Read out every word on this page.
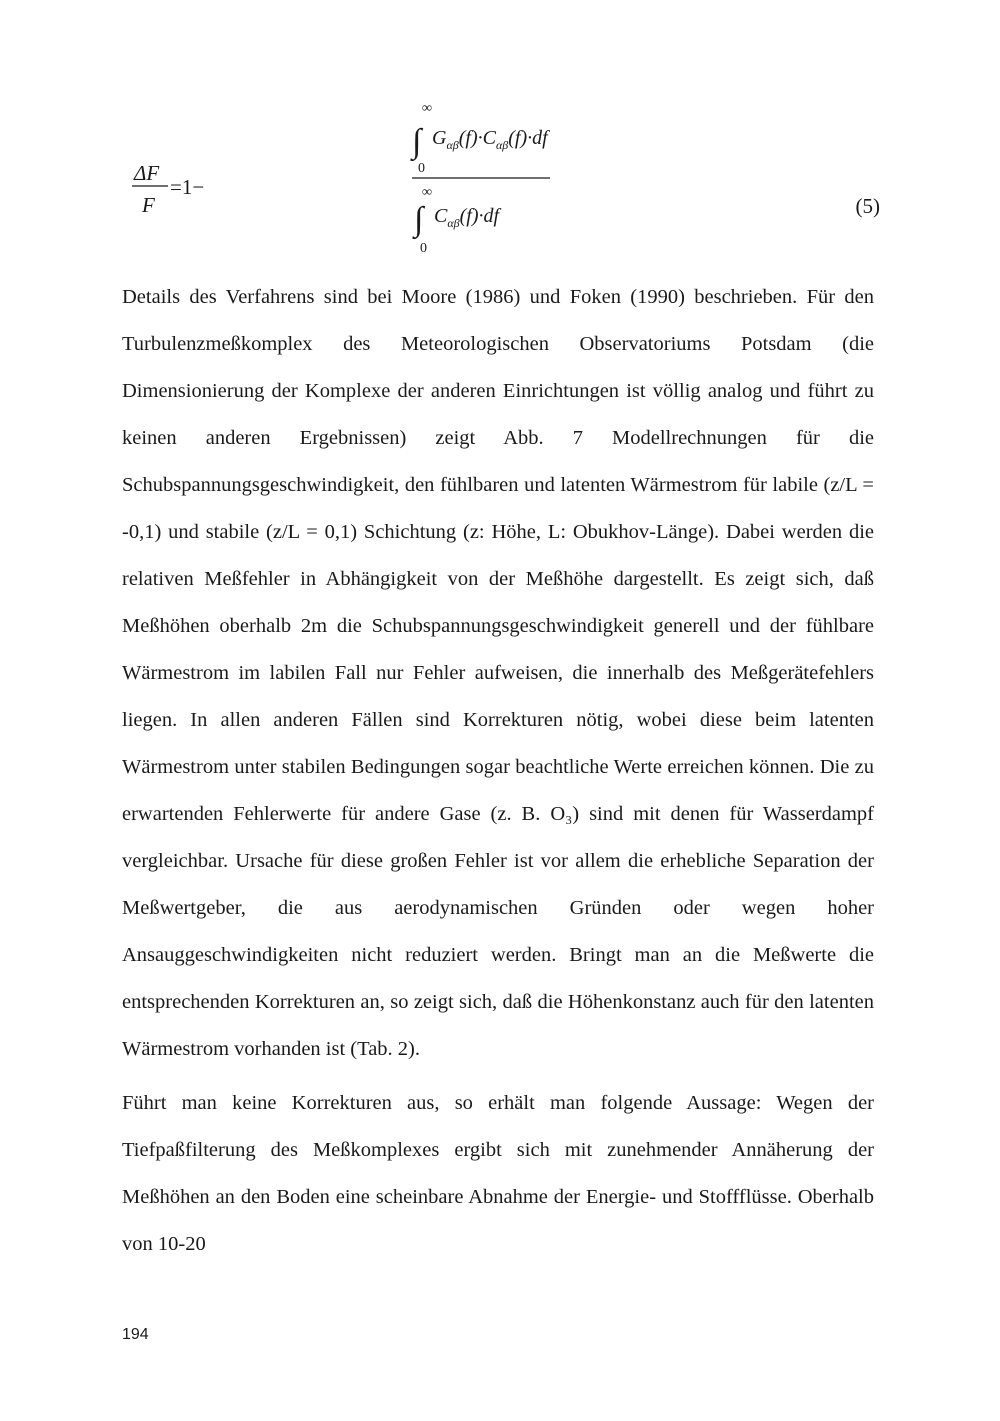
ΔF
F
=1−
∞
∫ $G_{\alpha\beta}(f)\cdot C_{\alpha\beta}(f)\cdot df$
0
∞
∫ $C_{\alpha\beta}(f)\cdot df$
0
(5)

Details des Verfahrens sind bei Moore (1986) und Foken (1990) beschrieben. Für den Turbulenzmeßkomplex des Meteorologischen Observatoriums Potsdam (die Dimensionierung der Komplexe der anderen Einrichtungen ist völlig analog und führt zu keinen anderen Ergebnissen) zeigt Abb. 7 Modellrechnungen für die Schubspannungsgeschwindigkeit, den fühlbaren und latenten Wärmestrom für labile (z/L = -0,1) und stabile (z/L = 0,1) Schichtung (z: Höhe, L: Obukhov-Länge). Dabei werden die relativen Meßfehler in Abhängigkeit von der Meßhöhe dargestellt. Es zeigt sich, daß Meßhöhen oberhalb 2m die Schubspannungsgeschwindigkeit generell und der fühlbare Wärmestrom im labilen Fall nur Fehler aufweisen, die innerhalb des Meßgerätefehlers liegen. In allen anderen Fällen sind Korrekturen nötig, wobei diese beim latenten Wärmestrom unter stabilen Bedingungen sogar beachtliche Werte erreichen können. Die zu erwartenden Fehlerwerte für andere Gase (z. B. O₃) sind mit denen für Wasserdampf vergleichbar. Ursache für diese großen Fehler ist vor allem die erhebliche Separation der Meßwertgeber, die aus aerodynamischen Gründen oder wegen hoher Ansauggeschwindigkeiten nicht reduziert werden. Bringt man an die Meßwerte die entsprechenden Korrekturen an, so zeigt sich, daß die Höhenkonstanz auch für den latenten Wärmestrom vorhanden ist (Tab. 2).

Führt man keine Korrekturen aus, so erhält man folgende Aussage: Wegen der Tiefpaßfilterung des Meßkomplexes ergibt sich mit zunehmender Annäherung der Meßhöhen an den Boden eine scheinbare Abnahme der Energie- und Stoffflüsse. Oberhalb von 10-20

194
